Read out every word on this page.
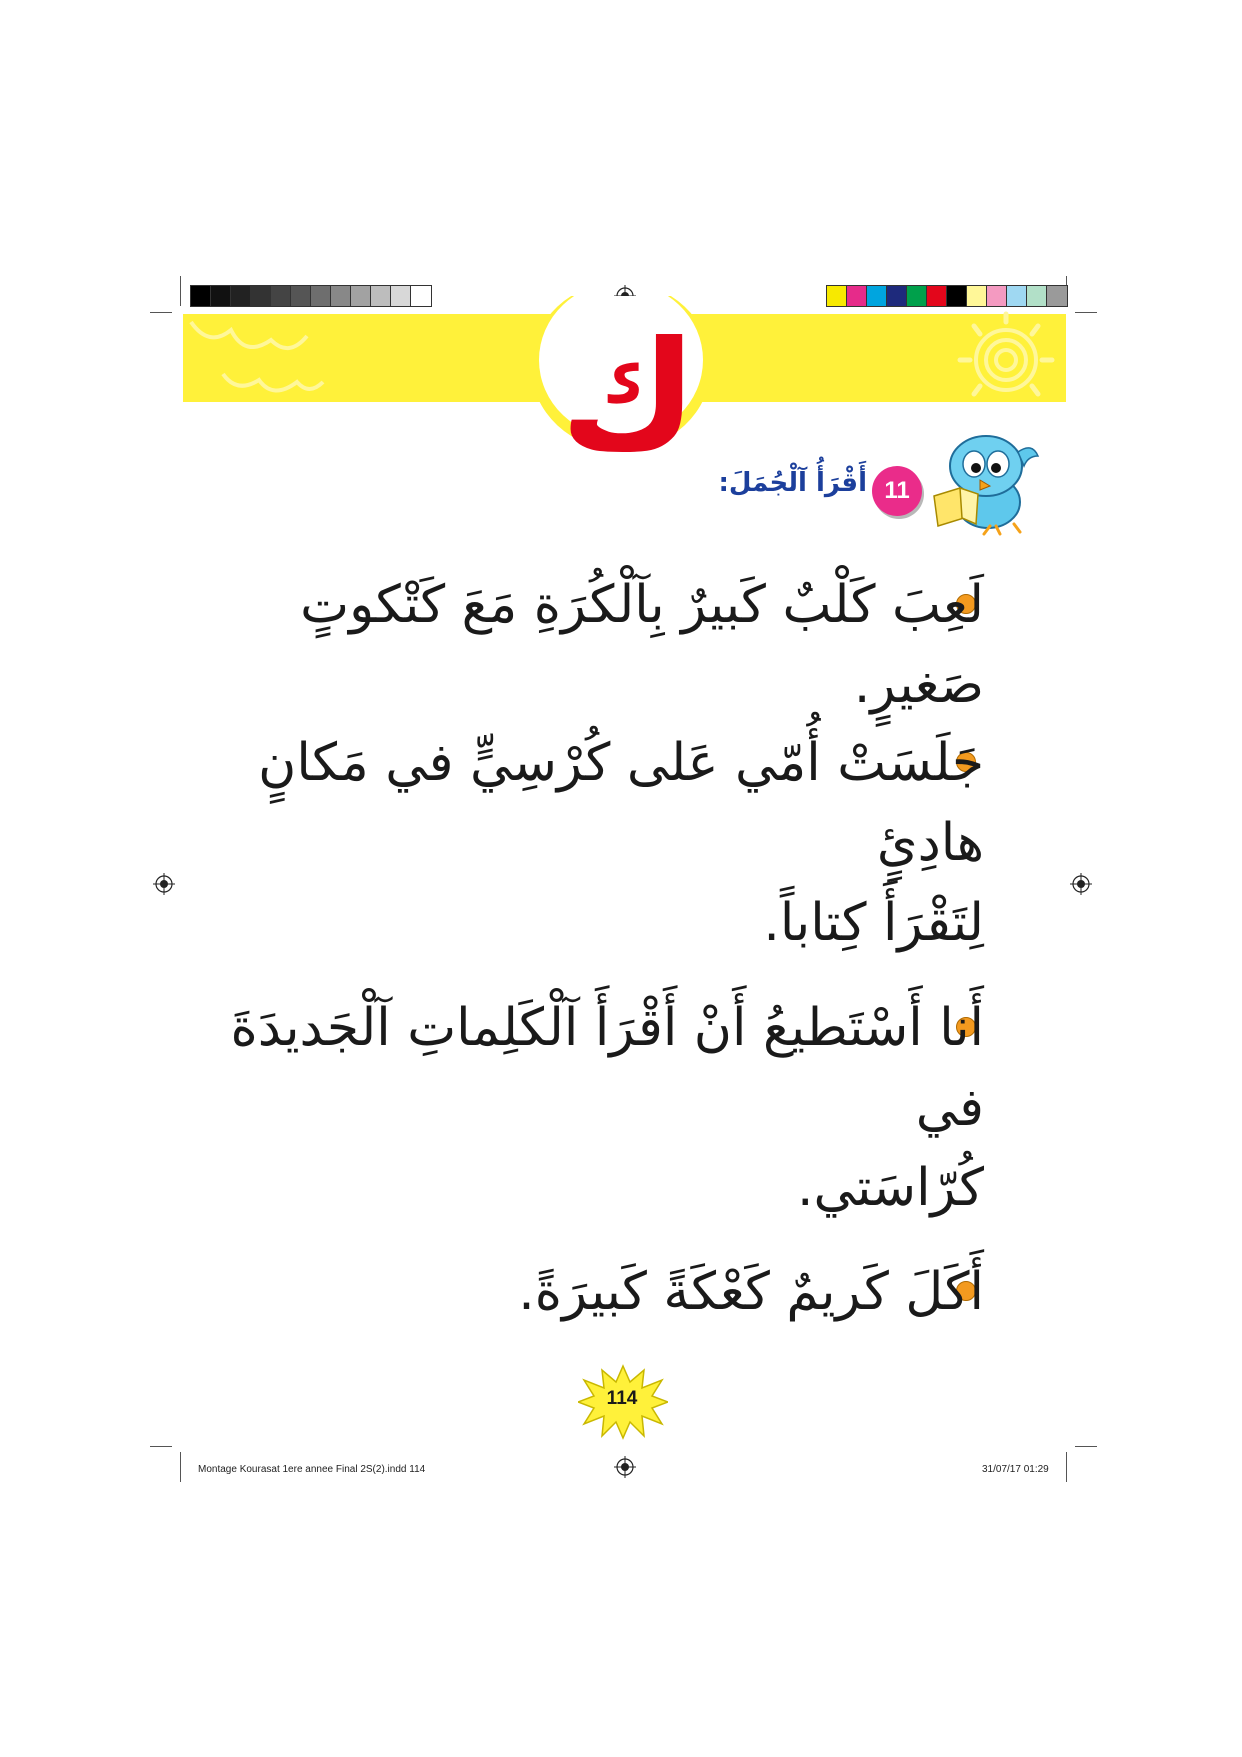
ك
11
أَقْرَأُ آلْجُمَلَ:
لَعِبَ كَلْبٌ كَبيرٌ بِآلْكُرَةِ مَعَ كَتْكوتٍ صَغيرٍ.
جَلَسَتْ أُمّي عَلى كُرْسِيٍّ في مَكانٍ هادِئٍ
لِتَقْرَأَ كِتاباً.
أَنا أَسْتَطيعُ أَنْ أَقْرَأَ آلْكَلِماتِ آلْجَديدَةَ في
كُرّاسَتي.
أَكَلَ كَريمٌ كَعْكَةً كَبيرَةً.
114
Montage Kourasat 1ere annee Final 2S(2).indd 114	31/07/17 01:29
